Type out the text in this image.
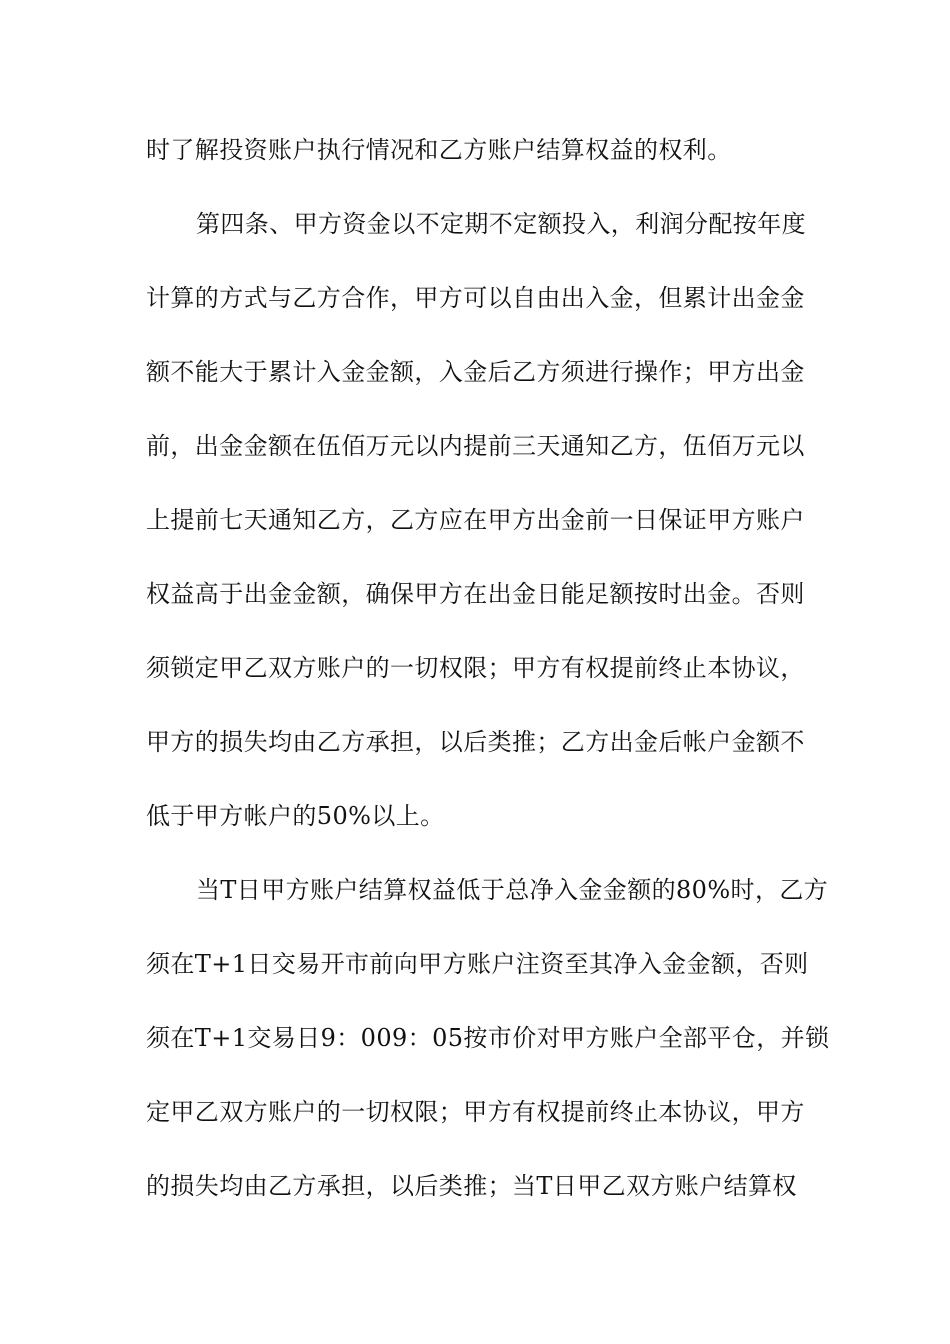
时了解投资账户执行情况和乙方账户结算权益的权利。
第四条、甲方资金以不定期不定额投入，利润分配按年度
计算的方式与乙方合作，甲方可以自由出入金，但累计出金金
额不能大于累计入金金额，入金后乙方须进行操作；甲方出金
前，出金金额在伍佰万元以内提前三天通知乙方，伍佰万元以
上提前七天通知乙方，乙方应在甲方出金前一日保证甲方账户
权益高于出金金额，确保甲方在出金日能足额按时出金。否则
须锁定甲乙双方账户的一切权限；甲方有权提前终止本协议，
甲方的损失均由乙方承担，以后类推；乙方出金后帐户金额不
低于甲方帐户的50%以上。
当T日甲方账户结算权益低于总净入金金额的80%时，乙方
须在T+1日交易开市前向甲方账户注资至其净入金金额，否则
须在T+1交易日9：009：05按市价对甲方账户全部平仓，并锁
定甲乙双方账户的一切权限；甲方有权提前终止本协议，甲方
的损失均由乙方承担，以后类推；当T日甲乙双方账户结算权
